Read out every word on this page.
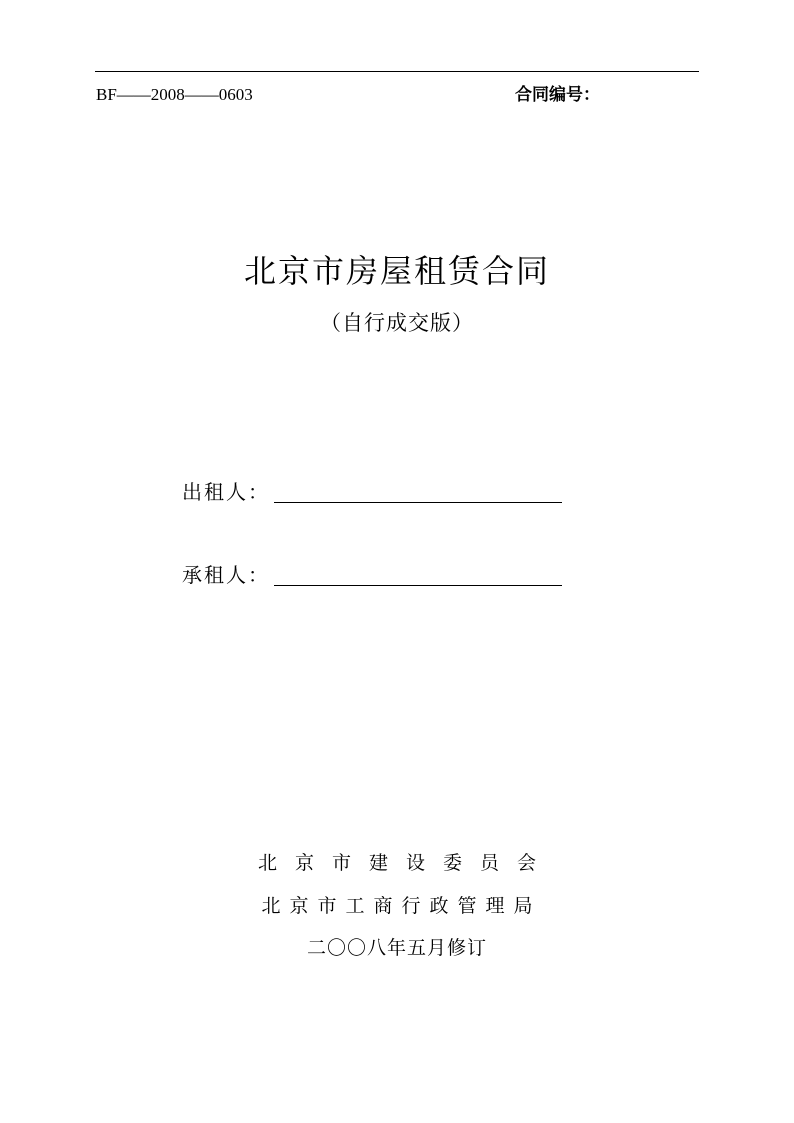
BF——2008——0603	合同编号：
北京市房屋租赁合同
（自行成交版）
出租人：
承租人：
北京市建设委员会
北京市工商行政管理局
二〇〇八年五月修订
